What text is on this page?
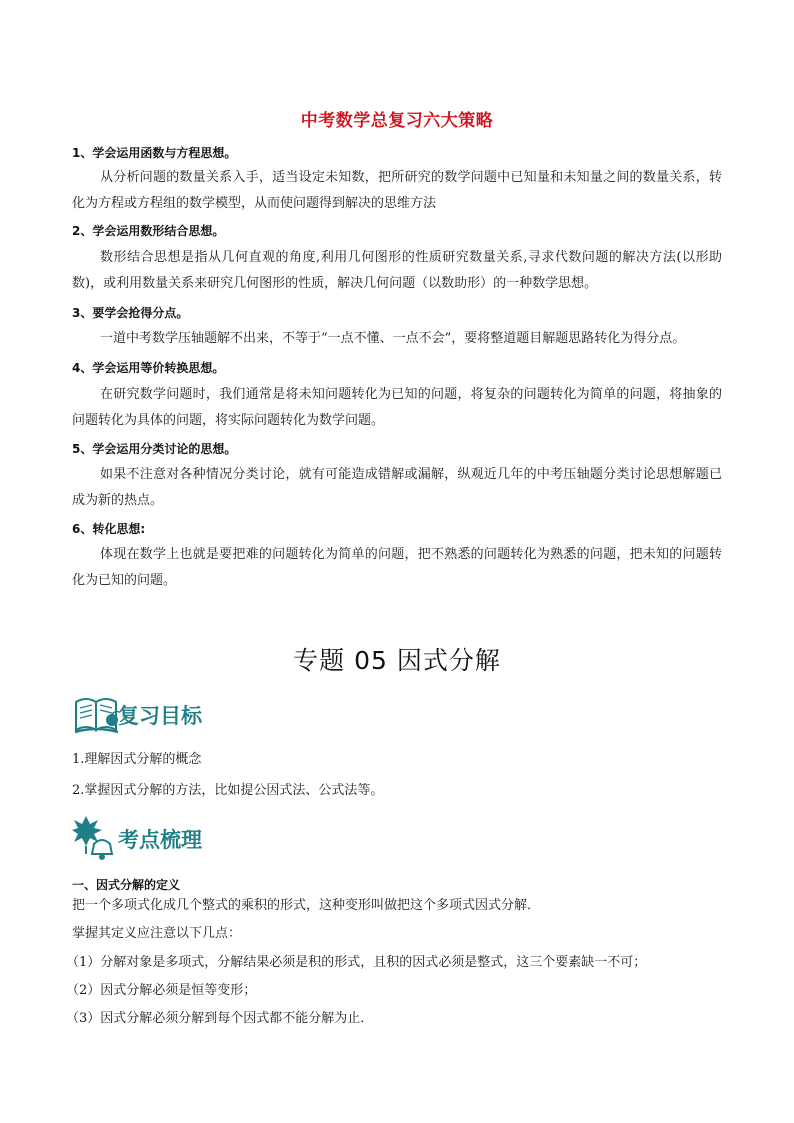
中考数学总复习六大策略
1、学会运用函数与方程思想。
从分析问题的数量关系入手，适当设定未知数，把所研究的数学问题中已知量和未知量之间的数量关系，转化为方程或方程组的数学模型，从而使问题得到解决的思维方法
2、学会运用数形结合思想。
数形结合思想是指从几何直观的角度,利用几何图形的性质研究数量关系,寻求代数问题的解决方法(以形助数)，或利用数量关系来研究几何图形的性质，解决几何问题（以数助形）的一种数学思想。
3、要学会抢得分点。
一道中考数学压轴题解不出来，不等于“一点不懂、一点不会”，要将整道题目解题思路转化为得分点。
4、学会运用等价转换思想。
在研究数学问题时，我们通常是将未知问题转化为已知的问题，将复杂的问题转化为简单的问题，将抽象的问题转化为具体的问题，将实际问题转化为数学问题。
5、学会运用分类讨论的思想。
如果不注意对各种情况分类讨论，就有可能造成错解或漏解，纵观近几年的中考压轴题分类讨论思想解题已成为新的热点。
6、转化思想:
体现在数学上也就是要把难的问题转化为简单的问题，把不熟悉的问题转化为熟悉的问题，把未知的问题转化为已知的问题。
专题 05 因式分解
复习目标
1.理解因式分解的概念
2.掌握因式分解的方法，比如提公因式法、公式法等。
考点梳理
一、因式分解的定义
把一个多项式化成几个整式的乘积的形式，这种变形叫做把这个多项式因式分解．
掌握其定义应注意以下几点：
（1）分解对象是多项式，分解结果必须是积的形式，且积的因式必须是整式，这三个要素缺一不可；
（2）因式分解必须是恒等变形；
（3）因式分解必须分解到每个因式都不能分解为止．
